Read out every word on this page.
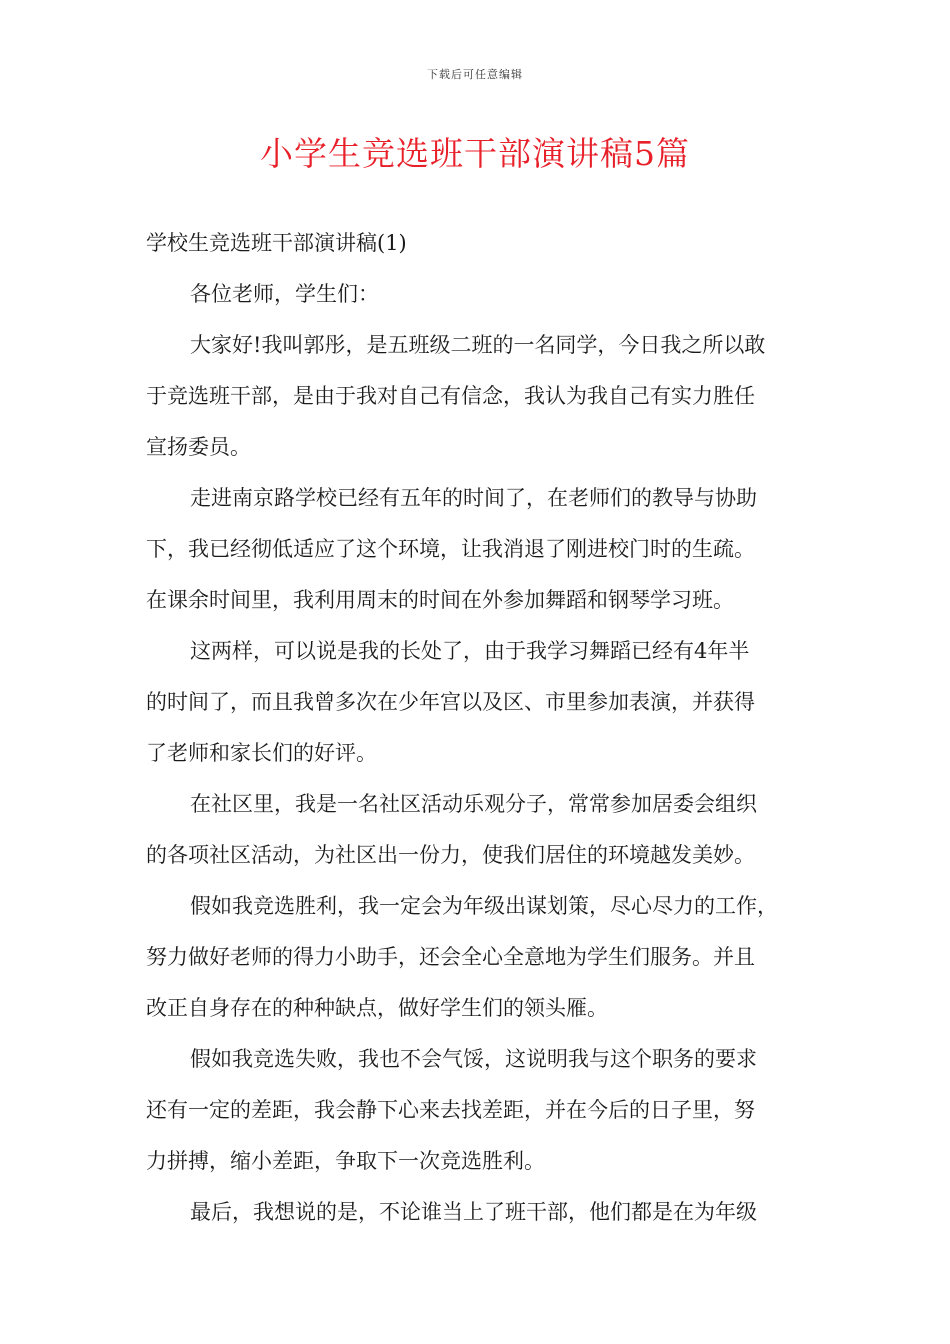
下载后可任意编辑
小学生竞选班干部演讲稿5篇
学校生竞选班干部演讲稿(1)
各位老师，学生们：
大家好!我叫郭彤，是五班级二班的一名同学，今日我之所以敢
于竞选班干部，是由于我对自己有信念，我认为我自己有实力胜任
宣扬委员。
走进南京路学校已经有五年的时间了，在老师们的教导与协助
下，我已经彻低适应了这个环境，让我消退了刚进校门时的生疏。
在课余时间里，我利用周末的时间在外参加舞蹈和钢琴学习班。
这两样，可以说是我的长处了，由于我学习舞蹈已经有4年半
的时间了，而且我曾多次在少年宫以及区、市里参加表演，并获得
了老师和家长们的好评。
在社区里，我是一名社区活动乐观分子，常常参加居委会组织
的各项社区活动，为社区出一份力，使我们居住的环境越发美妙。
假如我竞选胜利，我一定会为年级出谋划策，尽心尽力的工作，
努力做好老师的得力小助手，还会全心全意地为学生们服务。并且
改正自身存在的种种缺点，做好学生们的领头雁。
假如我竞选失败，我也不会气馁，这说明我与这个职务的要求
还有一定的差距，我会静下心来去找差距，并在今后的日子里，努
力拼搏，缩小差距，争取下一次竞选胜利。
最后，我想说的是，不论谁当上了班干部，他们都是在为年级
